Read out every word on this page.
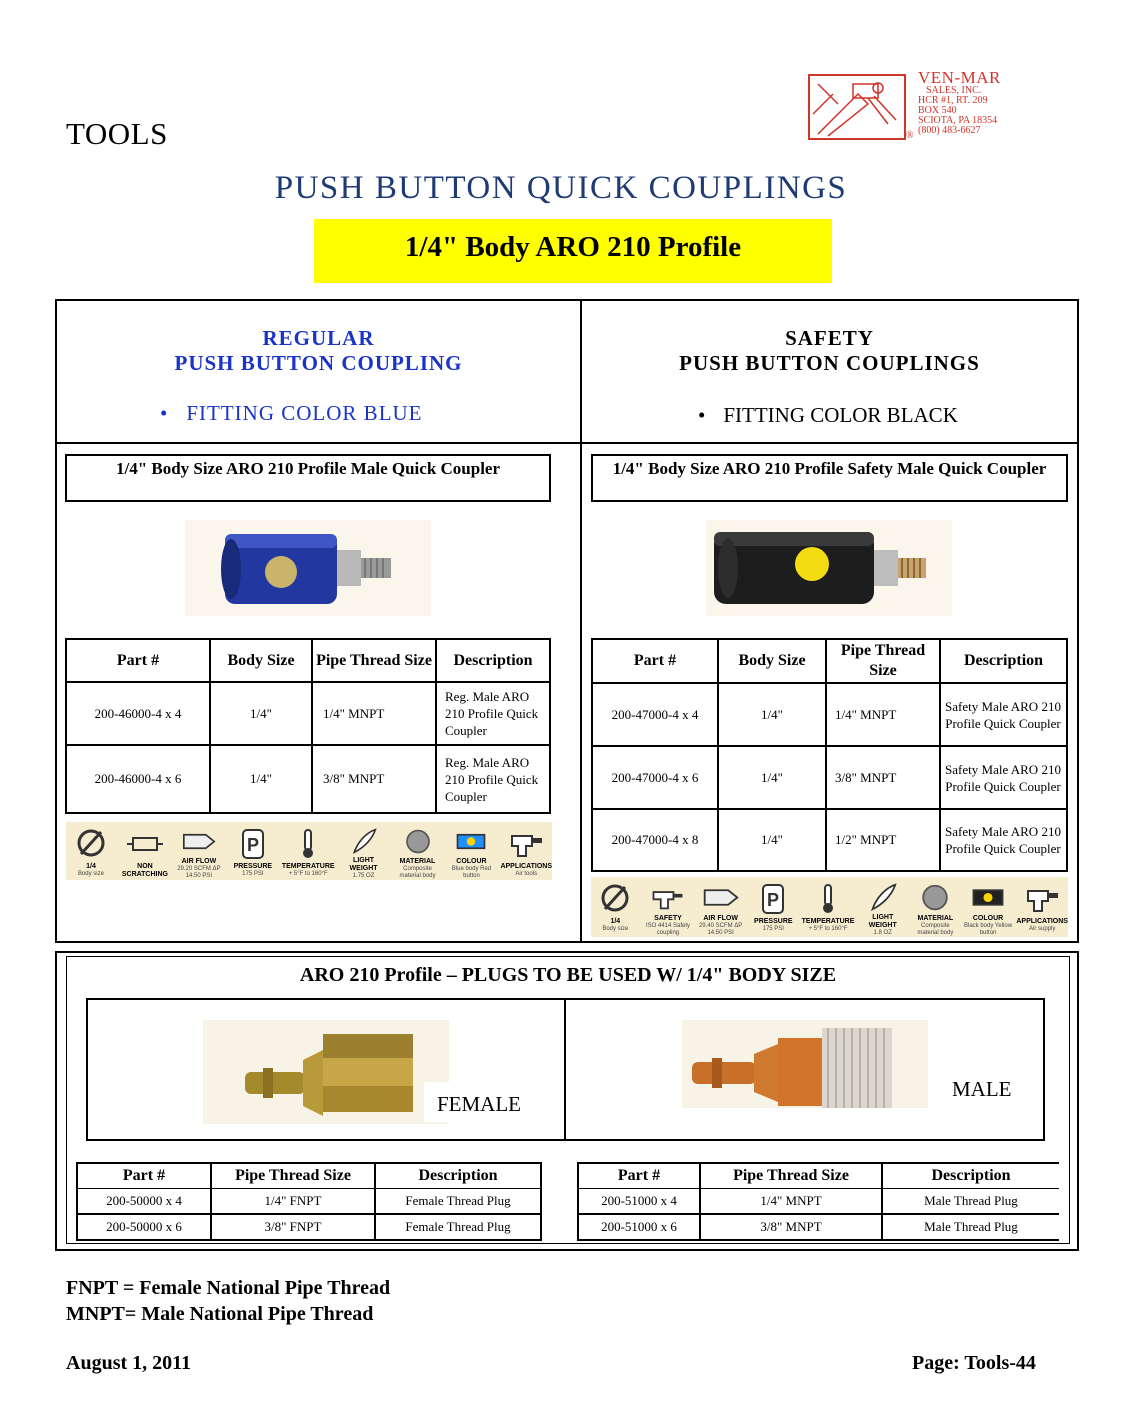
TOOLS
VEN-MAR
SALES, INC.
HCR #1, RT. 209
BOX 540
SCIOTA, PA 18354
(800) 483-6627
®
PUSH BUTTON QUICK COUPLINGS
1/4" Body ARO 210 Profile
REGULAR
PUSH BUTTON COUPLING
• FITTING COLOR BLUE
SAFETY
PUSH BUTTON COUPLINGS
• FITTING COLOR BLACK
1/4" Body Size ARO 210 Profile Male Quick Coupler
Part #	Body Size	Pipe Thread Size	Description
200-46000-4 x 4	1/4"	1/4" MNPT	Reg. Male ARO 210 Profile Quick Coupler
200-46000-4 x 6	1/4"	3/8" MNPT	Reg. Male ARO 210 Profile Quick Coupler
1/4
Body size
NON SCRATCHING
AIR FLOW
29.20 SCFM ΔP 14.50 PSI
P
PRESSURE
175 PSI
TEMPERATURE
+ 5°F to 160°F
LIGHT WEIGHT
1.75 OZ
MATERIAL
Composite material body
COLOUR
Blue body Red button
APPLICATIONS
Air tools
1/4" Body Size ARO 210 Profile Safety Male Quick Coupler
Part #	Body Size	Pipe Thread Size	Description
200-47000-4 x 4	1/4"	1/4" MNPT	Safety Male ARO 210 Profile Quick Coupler
200-47000-4 x 6	1/4"	3/8" MNPT	Safety Male ARO 210 Profile Quick Coupler
200-47000-4 x 8	1/4"	1/2" MNPT	Safety Male ARO 210 Profile Quick Coupler
1/4
Body size
SAFETY
ISO 4414 Safety coupling
AIR FLOW
29.40 SCFM ΔP 14.50 PSI
P
PRESSURE
175 PSI
TEMPERATURE
+ 5°F to 160°F
LIGHT WEIGHT
1.8 OZ
MATERIAL
Composite material body
COLOUR
Black body Yellow button
APPLICATIONS
Air supply
ARO 210 Profile – PLUGS TO BE USED W/ 1/4" BODY SIZE
FEMALE
MALE
Part #	Pipe Thread Size	Description
200-50000 x 4	1/4" FNPT	Female Thread Plug
200-50000 x 6	3/8" FNPT	Female Thread Plug
Part #	Pipe Thread Size	Description
200-51000 x 4	1/4" MNPT	Male Thread Plug
200-51000 x 6	3/8" MNPT	Male Thread Plug
FNPT = Female National Pipe Thread
MNPT= Male National Pipe Thread
August 1, 2011	Page: Tools-44
